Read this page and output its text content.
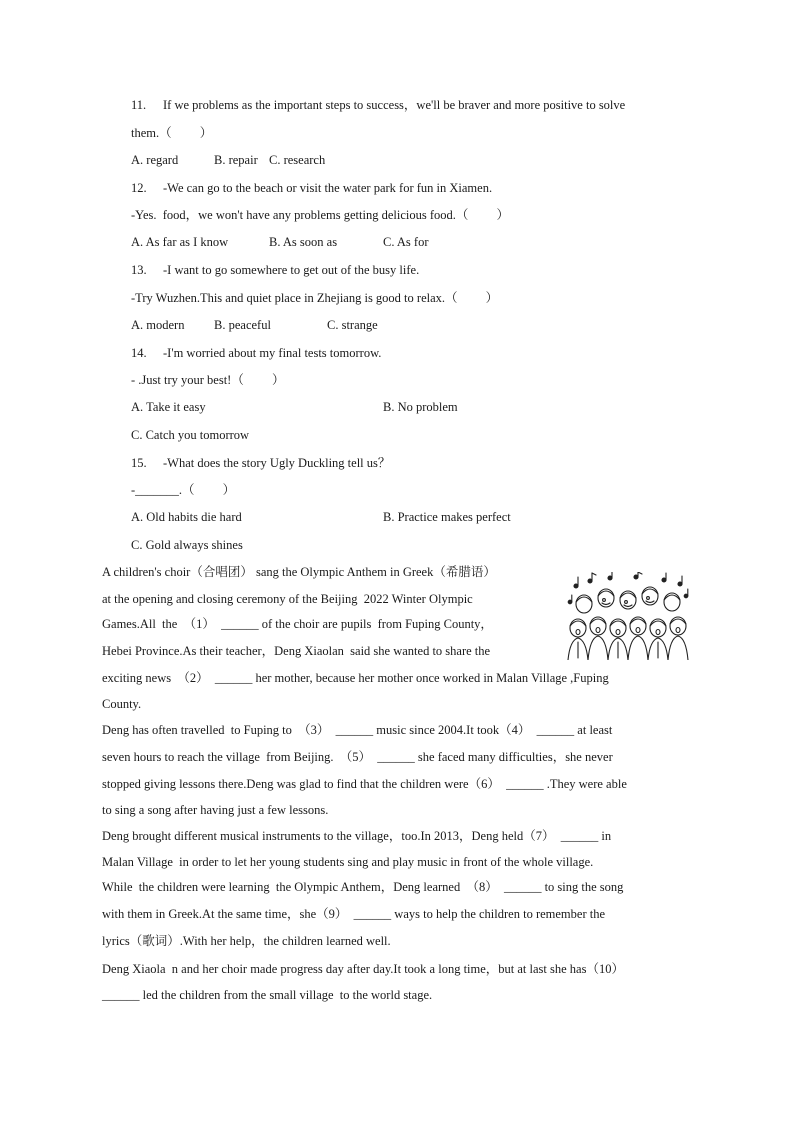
11. If we problems as the important steps to success，we'll be braver and more positive to solve
them.（         ）
A. regard	B. repair C. research
12. -We can go to the beach or visit the water park for fun in Xiamen.
-Yes.  food，we won't have any problems getting delicious food.（         ）
A. As far as I know	B. As soon as	C. As for
13. -I want to go somewhere to get out of the busy life.
-Try Wuzhen.This and quiet place in Zhejiang is good to relax.（         ）
A. modern B. peaceful	C. strange
14. -I'm worried about my final tests tomorrow.
- .Just try your best!（         ）
A. Take it easy	B. No problem
C. Catch you tomorrow
15. -What does the story Ugly Duckling tell us？
-_______.（         ）
A. Old habits die hard	B. Practice makes perfect
C. Gold always shines
A children's choir（合唱团） sang the Olympic Anthem in Greek（希腊语）
at the opening and closing ceremony of the Beijing  2022 Winter Olympic
Games.All  the  （1）  ______ of the choir are pupils  from Fuping County，
Hebei Province.As their teacher，Deng Xiaolan  said she wanted to share the
exciting news  （2）  ______ her mother, because her mother once worked in Malan Village ,Fuping
County.
Deng has often travelled  to Fuping to  （3）  ______ music since 2004.It took（4）  ______ at least
seven hours to reach the village  from Beijing.  （5）  ______ she faced many difficulties，she never
stopped giving lessons there.Deng was glad to find that the children were（6）  ______ .They were able
to sing a song after having just a few lessons.
Deng brought different musical instruments to the village，too.In 2013，Deng held（7）  ______ in
Malan Village  in order to let her young students sing and play music in front of the whole village.
While  the children were learning  the Olympic Anthem，Deng learned  （8）  ______ to sing the song
with them in Greek.At the same time，she（9）  ______ ways to help the children to remember the
lyrics（歌词）.With her help，the children learned well.
Deng Xiaola  n and her choir made progress day after day.It took a long time，but at last she has（10）
______ led the children from the small village  to the world stage.
